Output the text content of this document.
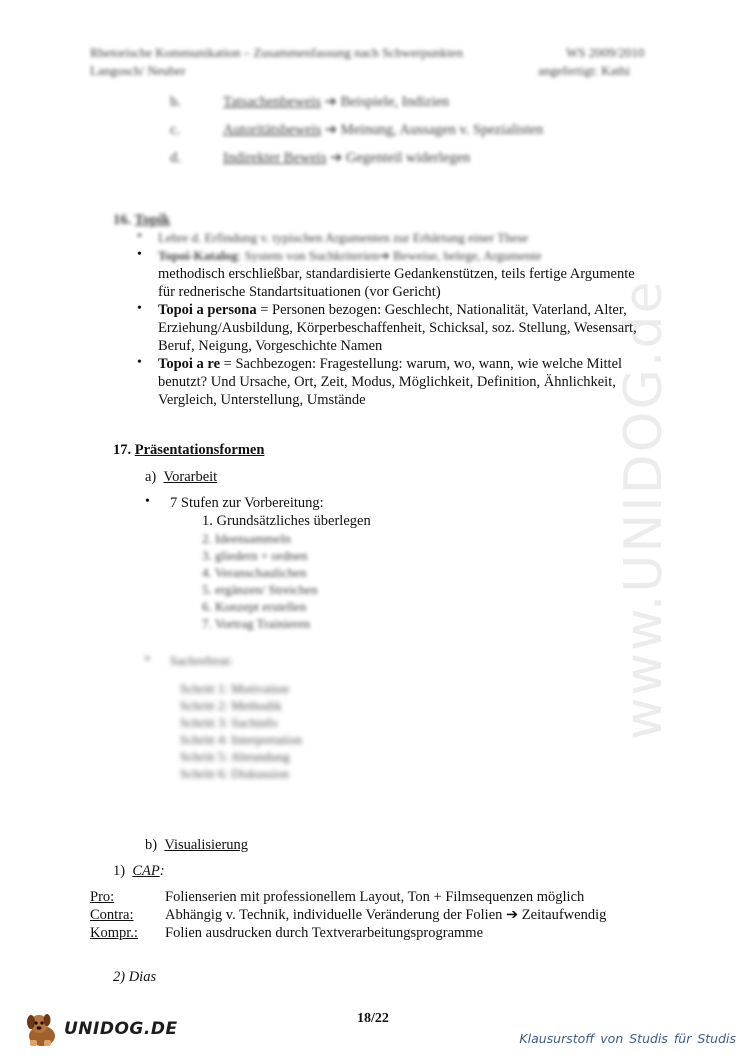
www.UNIDOG.de
Rhetorische Kommunikation – Zusammenfassung nach Schwerpunkten	WS 2009/2010
Langosch/ Neuber	angefertigt: Kathi
b.	Tatsachenbeweis ➔ Beispiele, Indizien
c.	Autoritätsbeweis ➔ Meinung, Aussagen v. Spezialisten
d.	Indirekter Beweis ➔ Gegenteil widerlegen
16. Topik
• Lehre d. Erfindung v. typischen Argumenten zur Erhärtung einer These
• Topoi-Katalog: System von Suchkriterien➔ Beweise, belege, Argumente
methodisch erschließbar, standardisierte Gedankenstützen, teils fertige Argumente
für rednerische Standartsituationen (vor Gericht)
• Topoi a persona = Personen bezogen: Geschlecht, Nationalität, Vaterland, Alter,
Erziehung/Ausbildung, Körperbeschaffenheit, Schicksal, soz. Stellung, Wesensart,
Beruf, Neigung, Vorgeschichte Namen
• Topoi a re = Sachbezogen: Fragestellung: warum, wo, wann, wie welche Mittel
benutzt? Und Ursache, Ort, Zeit, Modus, Möglichkeit, Definition, Ähnlichkeit,
Vergleich, Unterstellung, Umstände
17. Präsentationsformen
a) Vorarbeit
• 7 Stufen zur Vorbereitung:
1. Grundsätzliches überlegen
2. Ideensammeln
3. gliedern + ordnen
4. Veranschaulichen
5. ergänzen/ Streichen
6. Konzept erstellen
7. Vortrag Trainieren
• Sachreferat:
Schritt 1: Motivation
Schritt 2: Methodik
Schritt 3: Sachinfo
Schritt 4: Interpretation
Schritt 5: Abrundung
Schritt 6: Diskussion
b) Visualisierung
1) CAP:
Pro:	Folienserien mit professionellem Layout, Ton + Filmsequenzen möglich
Contra: Abhängig v. Technik, individuelle Veränderung der Folien ➔ Zeitaufwendig
Kompr.: Folien ausdrucken durch Textverarbeitungsprogramme
2) Dias
18/22
UNIDOG.DE	Klausurstoff von Studis für Studis
